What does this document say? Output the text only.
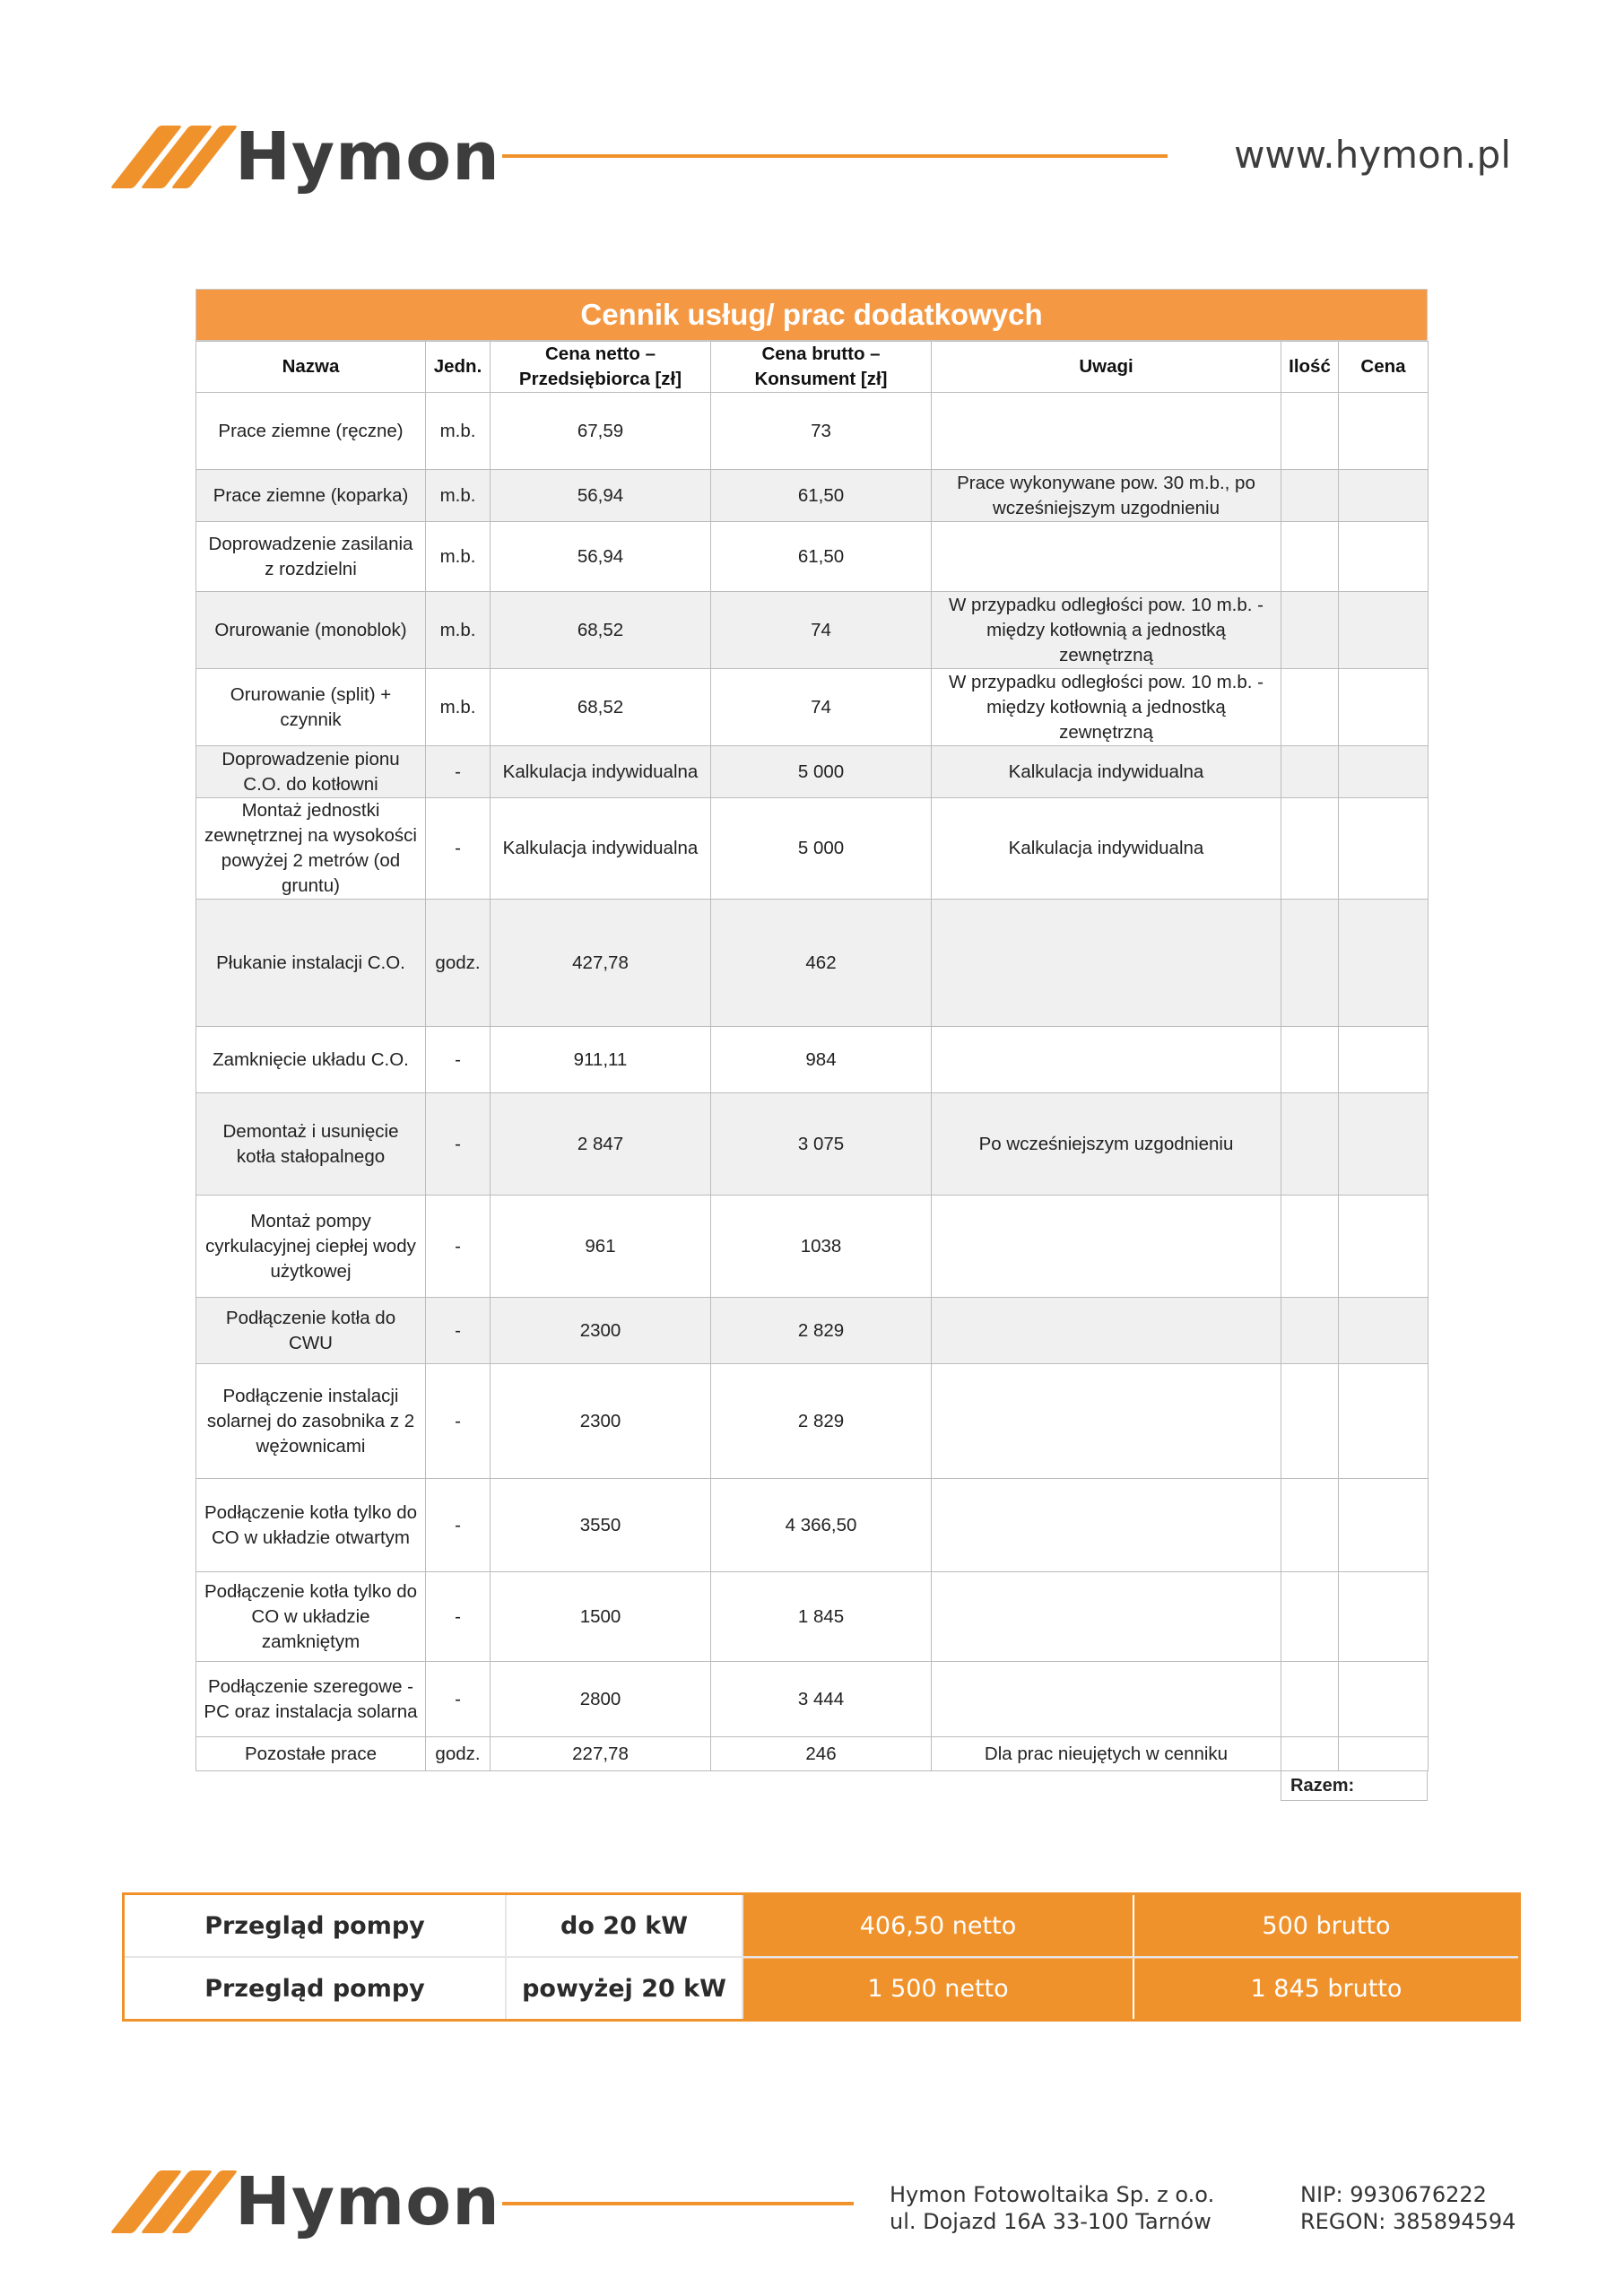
Hymon	www.hymon.pl
Cennik usług/ prac dodatkowych
Nazwa	Jedn.	Cena netto – Przedsiębiorca [zł]	Cena brutto – Konsument [zł]	Uwagi	Ilość	Cena
Prace ziemne (ręczne)	m.b.	67,59	73			
Prace ziemne (koparka)	m.b.	56,94	61,50	Prace wykonywane pow. 30 m.b., po wcześniejszym uzgodnieniu		
Doprowadzenie zasilania z rozdzielni	m.b.	56,94	61,50			
Orurowanie (monoblok)	m.b.	68,52	74	W przypadku odległości pow. 10 m.b. - między kotłownią a jednostką zewnętrzną		
Orurowanie (split) + czynnik	m.b.	68,52	74	W przypadku odległości pow. 10 m.b. - między kotłownią a jednostką zewnętrzną		
Doprowadzenie pionu C.O. do kotłowni	-	Kalkulacja indywidualna	5 000	Kalkulacja indywidualna		
Montaż jednostki zewnętrznej na wysokości powyżej 2 metrów (od gruntu)	-	Kalkulacja indywidualna	5 000	Kalkulacja indywidualna		
Płukanie instalacji C.O.	godz.	427,78	462			
Zamknięcie układu C.O.	-	911,11	984			
Demontaż i usunięcie kotła stałopalnego	-	2 847	3 075	Po wcześniejszym uzgodnieniu		
Montaż pompy cyrkulacyjnej ciepłej wody użytkowej	-	961	1038			
Podłączenie kotła do CWU	-	2300	2 829			
Podłączenie instalacji solarnej do zasobnika z 2 wężownicami	-	2300	2 829			
Podłączenie kotła tylko do CO w układzie otwartym	-	3550	4 366,50			
Podłączenie kotła tylko do CO w układzie zamkniętym	-	1500	1 845			
Podłączenie szeregowe - PC oraz instalacja solarna	-	2800	3 444			
Pozostałe prace	godz.	227,78	246	Dla prac nieujętych w cenniku		
Razem:
Przegląd pompy	do 20 kW	406,50 netto	500 brutto
Przegląd pompy	powyżej 20 kW	1 500 netto	1 845 brutto
Hymon	Hymon Fotowoltaika Sp. z o.o.
ul. Dojazd 16A 33-100 Tarnów
NIP: 9930676222
REGON: 385894594
